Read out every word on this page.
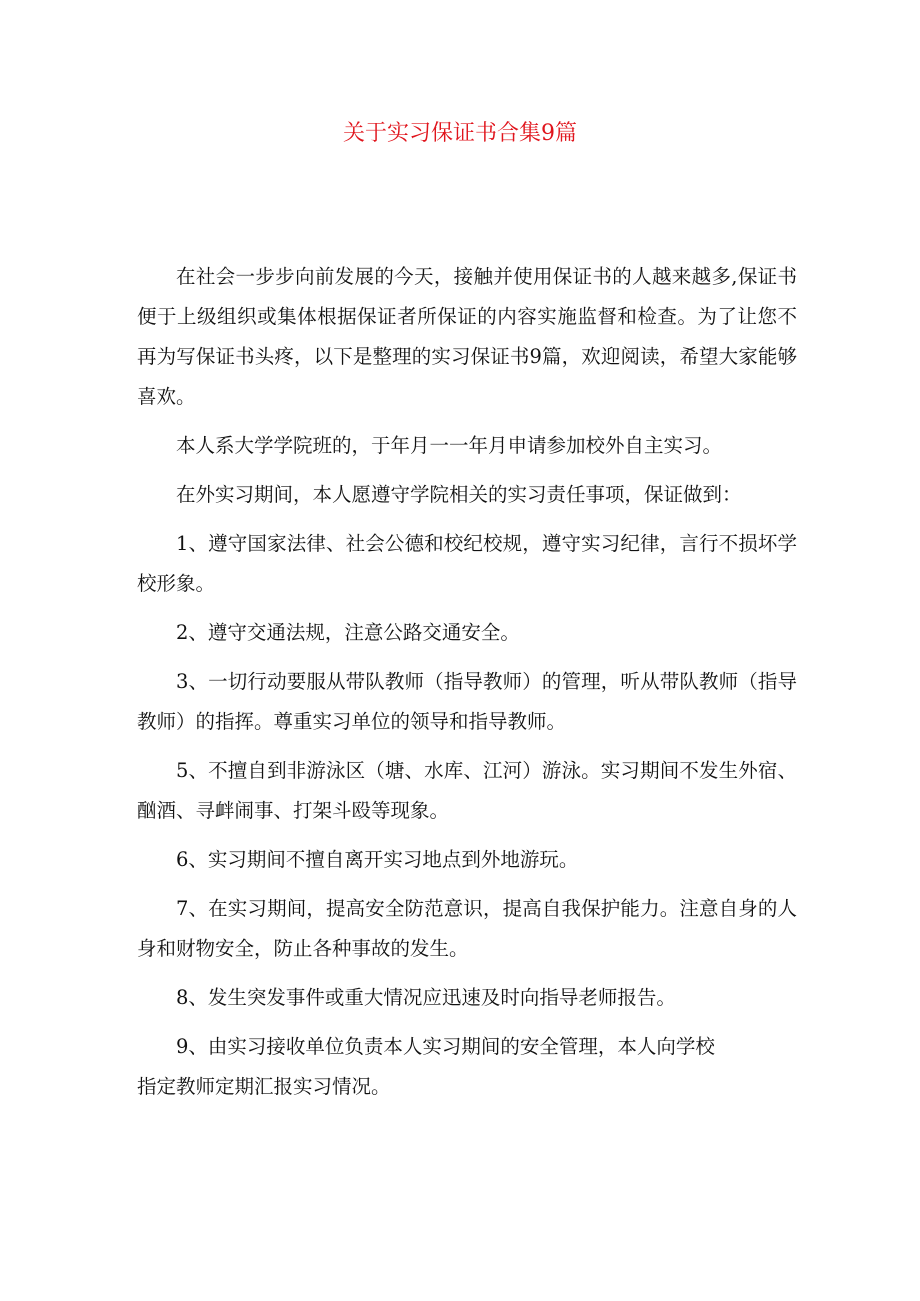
关于实习保证书合集9篇

在社会一步步向前发展的今天，接触并使用保证书的人越来越多,保证书便于上级组织或集体根据保证者所保证的内容实施监督和检查。为了让您不再为写保证书头疼，以下是整理的实习保证书9篇，欢迎阅读，希望大家能够喜欢。

本人系大学学院班的，于年月一一年月申请参加校外自主实习。

在外实习期间，本人愿遵守学院相关的实习责任事项，保证做到：

1、遵守国家法律、社会公德和校纪校规，遵守实习纪律，言行不损坏学校形象。

2、遵守交通法规，注意公路交通安全。

3、一切行动要服从带队教师（指导教师）的管理，听从带队教师（指导教师）的指挥。尊重实习单位的领导和指导教师。

5、不擅自到非游泳区（塘、水库、江河）游泳。实习期间不发生外宿、酗酒、寻衅闹事、打架斗殴等现象。

6、实习期间不擅自离开实习地点到外地游玩。

7、在实习期间，提高安全防范意识，提高自我保护能力。注意自身的人身和财物安全，防止各种事故的发生。

8、发生突发事件或重大情况应迅速及时向指导老师报告。

9、由实习接收单位负责本人实习期间的安全管理，本人向学校

指定教师定期汇报实习情况。
